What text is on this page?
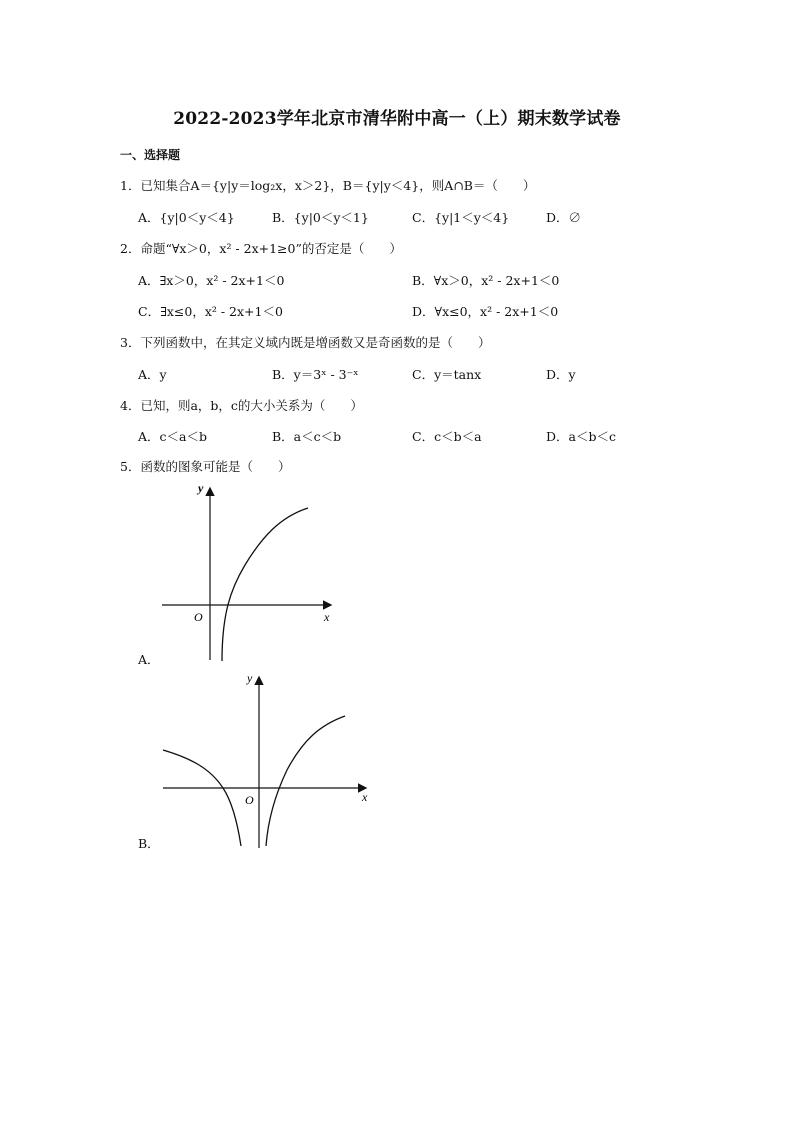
2022-2023学年北京市清华附中高一（上）期末数学试卷
一、选择题
1．已知集合A＝{y|y＝log₂x，x＞2}，B＝{y|y＜4}，则A∩B＝（　　）
A．{y|0＜y＜4}	B．{y|0＜y＜1}	C．{y|1＜y＜4}	D．∅
2．命题“∀x＞0，x² - 2x+1≥0”的否定是（　　）
A．∃x＞0，x² - 2x+1＜0	B．∀x＞0，x² - 2x+1＜0
C．∃x≤0，x² - 2x+1＜0	D．∀x≤0，x² - 2x+1＜0
3．下列函数中，在其定义域内既是增函数又是奇函数的是（　　）
A．y	B．y＝3ˣ - 3⁻ˣ	C．y＝tanx	D．y
4．已知，则a，b，c的大小关系为（　　）
A．c＜a＜b	B．a＜c＜b	C．c＜b＜a	D．a＜b＜c
5．函数的图象可能是（　　）
y
x
O
A．
y
x
O
B．
